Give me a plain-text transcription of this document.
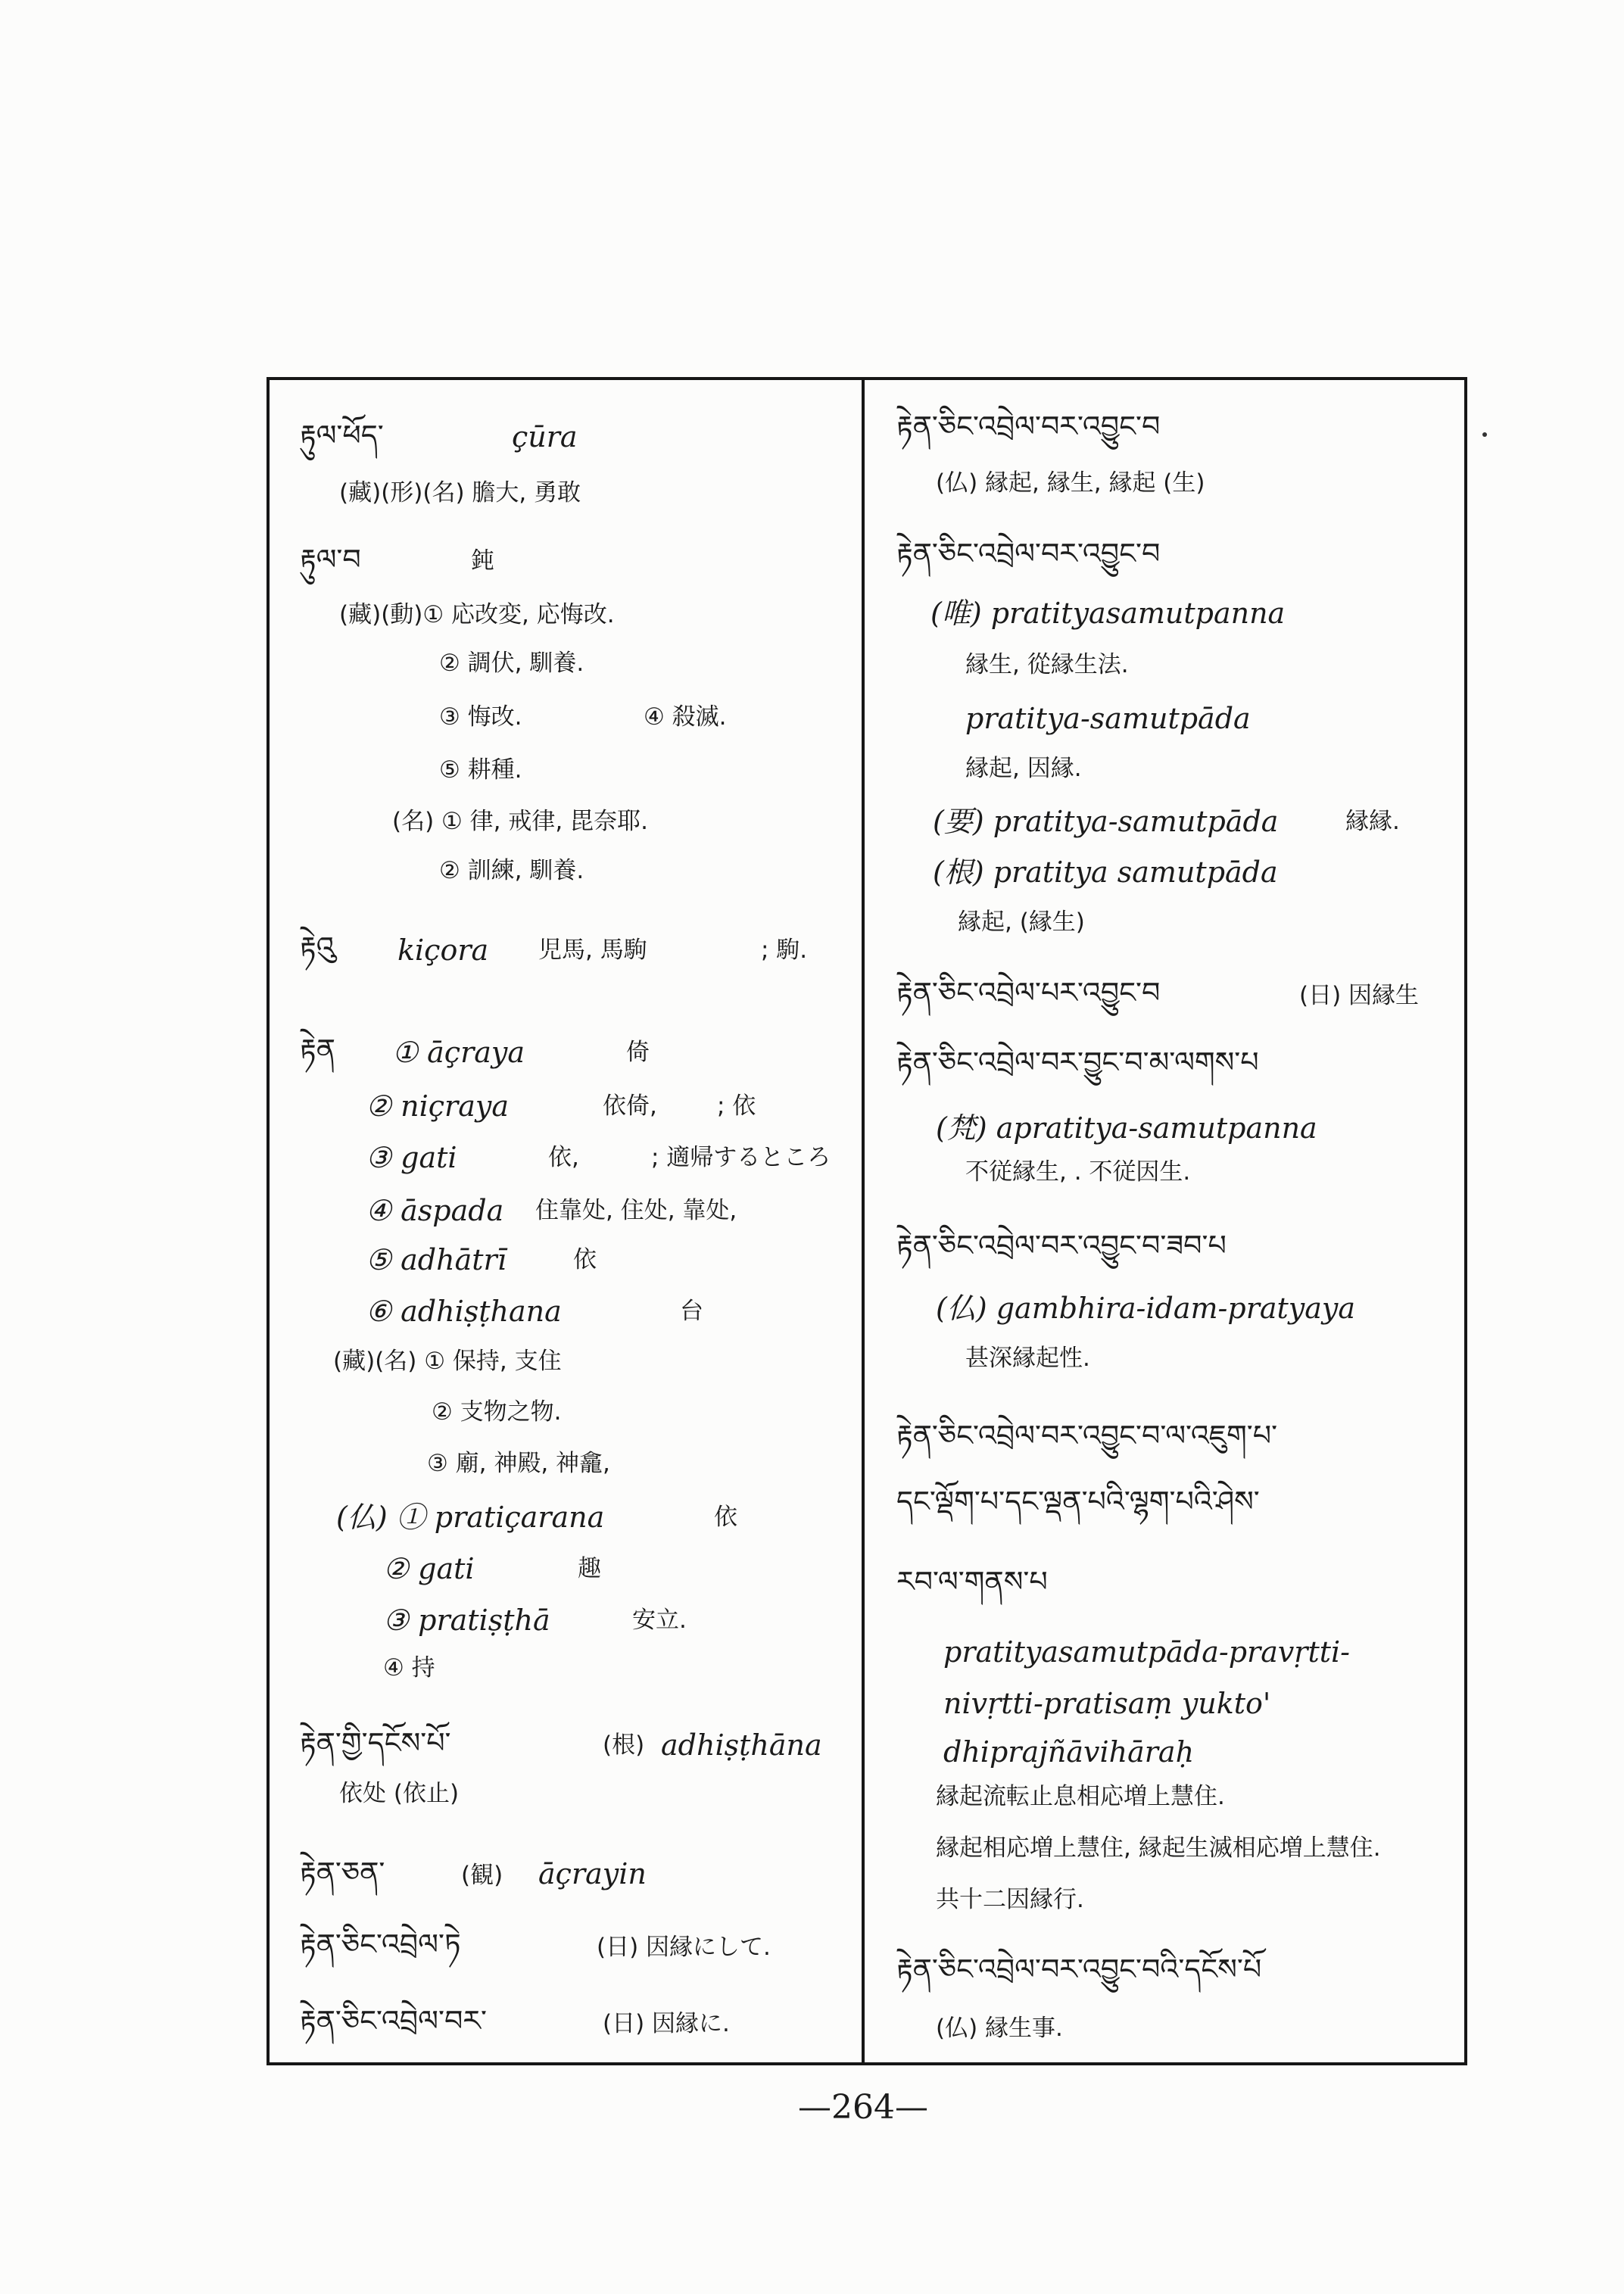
རྟུལ་ཕོད་	çūra
(藏)(形)(名) 膽大, 勇敢
རྟུལ་བ	鈍
(藏)(動)① 応改変, 応悔改.
② 調伏, 馴養.
③ 悔改.	④ 殺滅.
⑤ 耕種.
(名) ① 律, 戒律, 毘奈耶.
② 訓練, 馴養.
རྟེའུ kiçora 児馬, 馬駒	; 駒.
རྟེན ① āçraya	倚
② niçraya	依倚,	; 依
③ gati	依,	; 適帰するところ
④ āspada 住靠处, 住处, 靠处,
⑤ adhātrī	依
⑥ adhiṣṭhana	台
(藏)(名) ① 保持, 支住
② 支物之物.
③ 廟, 神殿, 神龕,
(仏) ① pratiçarana	依
② gati	趣
③ pratiṣṭhā	安立.
④ 持
རྟེན་གྱི་དངོས་པོ་	(根) adhiṣṭhāna
依处 (依止)
རྟེན་ཅན་	(観) āçrayin
རྟེན་ཅིང་འབྲེལ་ཏེ	(日) 因縁にして.
རྟེན་ཅིང་འབྲེལ་བར་	(日) 因縁に.
རྟེན་ཅིང་འབྲེལ་བར་འབྱུང་བ
(仏) 縁起, 縁生, 縁起 (生)
རྟེན་ཅིང་འབྲེལ་བར་འབྱུང་བ
(唯) pratityasamutpanna
縁生, 從縁生法.
pratitya-samutpāda
縁起, 因縁.
(要) pratitya-samutpāda	縁縁.
(根) pratitya samutpāda
縁起, (縁生)
རྟེན་ཅིང་འབྲེལ་པར་འབྱུང་བ	(日) 因縁生
རྟེན་ཅིང་འབྲེལ་བར་བྱུང་བ་མ་ལགས་པ
(梵) apratitya-samutpanna
不従縁生, . 不従因生.
རྟེན་ཅིང་འབྲེལ་བར་འབྱུང་བ་ཟབ་པ
(仏) gambhira-idam-pratyaya
甚深縁起性.
རྟེན་ཅིང་འབྲེལ་བར་འབྱུང་བ་ལ་འཇུག་པ་
དང་ལྡོག་པ་དང་ལྡན་པའི་ལྷག་པའི་ཤེས་
རབ་ལ་གནས་པ
pratityasamutpāda-pravṛtti-
nivṛtti-pratisaṃ yukto'
dhiprajñāvihāraḥ
縁起流転止息相応増上慧住.
縁起相応増上慧住, 縁起生滅相応増上慧住.
共十二因縁行.
རྟེན་ཅིང་འབྲེལ་བར་འབྱུང་བའི་དངོས་པོ
(仏) 縁生事.
—264—
